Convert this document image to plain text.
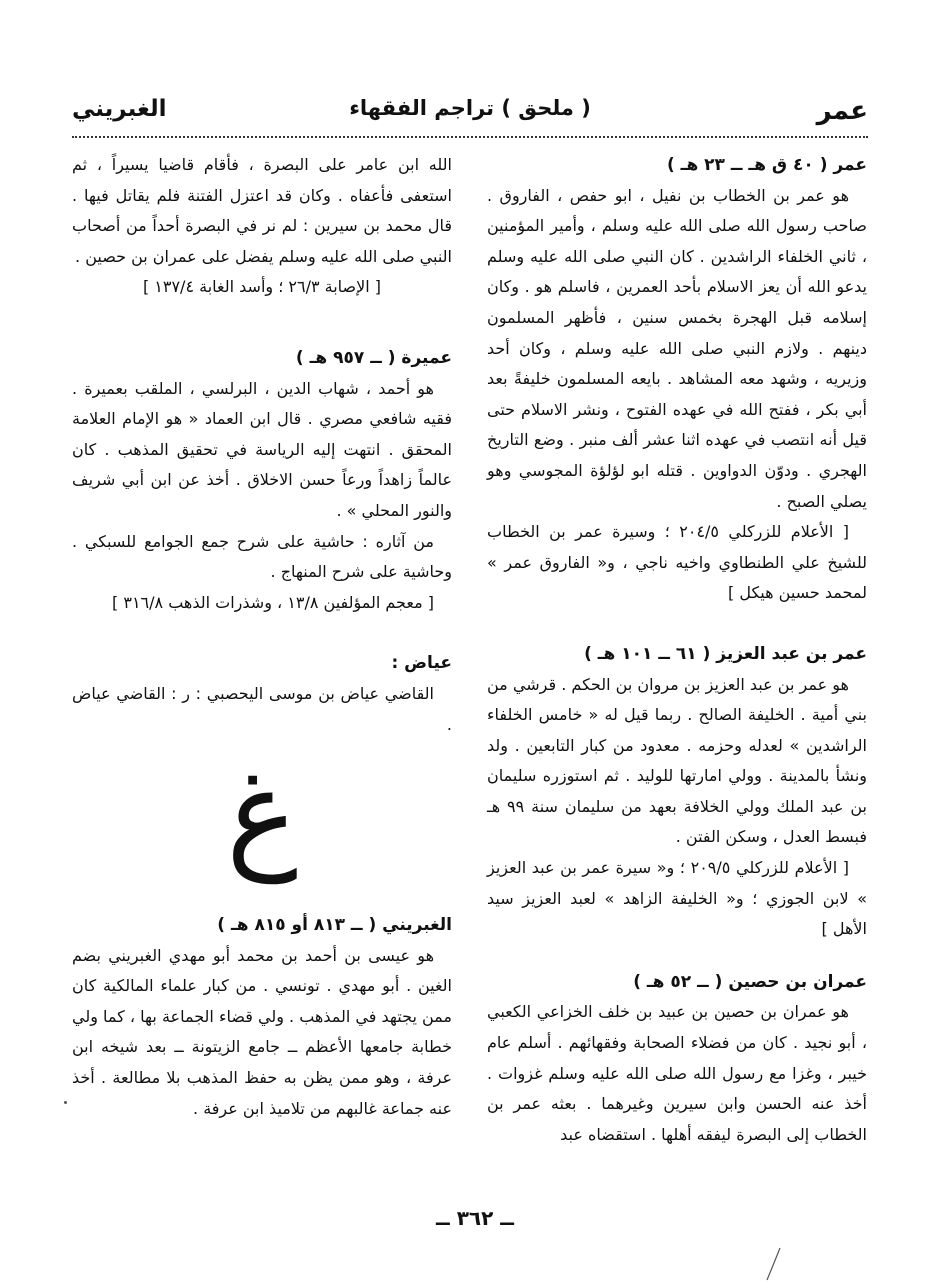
عمر
( ملحق ) تراجم الفقهاء
الغبريني

عمر ( ٤٠ ق هـ ــ ٢٣ هـ )

هو عمر بن الخطاب بن نفيل ، ابو حفص ، الفاروق . صاحب رسول الله صلى الله عليه وسلم ، وأمير المؤمنين ، ثاني الخلفاء الراشدين . كان النبي صلى الله عليه وسلم يدعو الله أن يعز الاسلام بأحد العمرين ، فاسلم هو . وكان إسلامه قبل الهجرة بخمس سنين ، فأظهر المسلمون دينهم . ولازم النبي صلى الله عليه وسلم ، وكان أحد وزيريه ، وشهد معه المشاهد . بايعه المسلمون خليفةً بعد أبي بكر ، ففتح الله في عهده الفتوح ، ونشر الاسلام حتى قيل أنه انتصب في عهده اثنا عشر ألف منبر . وضع التاريخ الهجري . ودوّن الدواوين . قتله ابو لؤلؤة المجوسي وهو يصلي الصبح .

[ الأعلام للزركلي ٢٠٤/٥ ؛ وسيرة عمر بن الخطاب للشيخ علي الطنطاوي واخيه ناجي ، و« الفاروق عمر » لمحمد حسين هيكل ]

عمر بن عبد العزيز ( ٦١ ــ ١٠١ هـ )

هو عمر بن عبد العزيز بن مروان بن الحكم . قرشي من بني أمية . الخليفة الصالح . ربما قيل له « خامس الخلفاء الراشدين » لعدله وحزمه . معدود من كبار التابعين . ولد ونشأ بالمدينة . وولي امارتها للوليد . ثم استوزره سليمان بن عبد الملك وولي الخلافة بعهد من سليمان سنة ٩٩ هـ فبسط العدل ، وسكن الفتن .

[ الأعلام للزركلي ٢٠٩/٥ ؛ و« سيرة عمر بن عبد العزيز » لابن الجوزي ؛ و« الخليفة الزاهد » لعبد العزيز سيد الأهل ]

عمران بن حصين ( ــ ٥٢ هـ )

هو عمران بن حصين بن عبيد بن خلف الخزاعي الكعبي ، أبو نجيد . كان من فضلاء الصحابة وفقهائهم . أسلم عام خيبر ، وغزا مع رسول الله صلى الله عليه وسلم غزوات . أخذ عنه الحسن وابن سيرين وغيرهما . بعثه عمر بن الخطاب إلى البصرة ليفقه أهلها . استقضاه عبد

الله ابن عامر على البصرة ، فأقام قاضيا يسيراً ، ثم استعفى فأعفاه . وكان قد اعتزل الفتنة فلم يقاتل فيها . قال محمد بن سيرين : لم نر في البصرة أحداً من أصحاب النبي صلى الله عليه وسلم يفضل على عمران بن حصين .

[ الإصابة ٢٦/٣ ؛ وأسد الغابة ١٣٧/٤ ]

عميرة ( ــ ٩٥٧ هـ )

هو أحمد ، شهاب الدين ، البرلسي ، الملقب بعميرة . فقيه شافعي مصري . قال ابن العماد « هو الإمام العلامة المحقق . انتهت إليه الرياسة في تحقيق المذهب . كان عالماً زاهداً ورعاً حسن الاخلاق . أخذ عن ابن أبي شريف والنور المحلي » .

من آثاره : حاشية على شرح جمع الجوامع للسبكي . وحاشية على شرح المنهاج .

[ معجم المؤلفين ١٣/٨ ، وشذرات الذهب ٣١٦/٨ ]

عياض :

القاضي عياض بن موسى اليحصبي : ر : القاضي عياض .

غ

الغبريني ( ــ ٨١٣ أو ٨١٥ هـ )

هو عيسى بن أحمد بن محمد أبو مهدي الغبريني بضم الغين . أبو مهدي . تونسي . من كبار علماء المالكية كان ممن يجتهد في المذهب . ولي قضاء الجماعة بها ، كما ولي خطابة جامعها الأعظم ــ جامع الزيتونة ــ بعد شيخه ابن عرفة ، وهو ممن يظن به حفظ المذهب بلا مطالعة . أخذ عنه جماعة غالبهم من تلاميذ ابن عرفة .

ــ ٣٦٢ ــ
